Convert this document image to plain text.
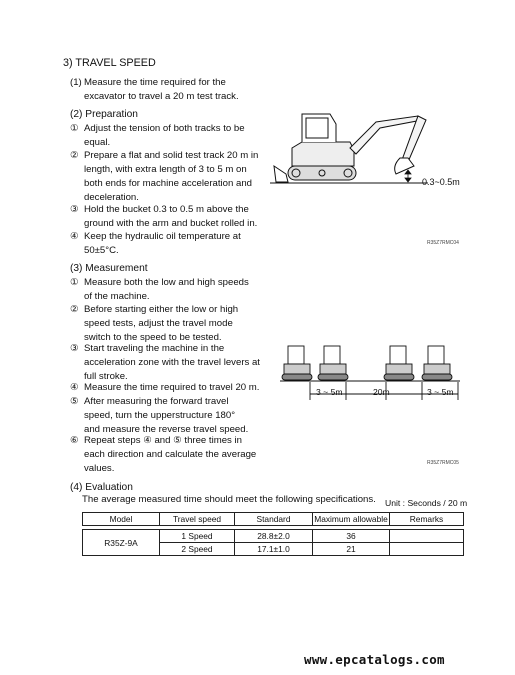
3) TRAVEL SPEED
(1) Measure the time required for the
excavator to travel a 20 m test track.
(2) Preparation
① Adjust the tension of both tracks to be
equal.
② Prepare a flat and solid test track 20 m in
length, with extra length of 3 to 5 m on
both ends for machine acceleration and
deceleration.
③ Hold the bucket 0.3 to 0.5 m above the
ground with the arm and bucket rolled in.
④ Keep the hydraulic oil temperature at
50±5°C.
(3) Measurement
① Measure both the low and high speeds
of the machine.
② Before starting either the low or high
speed tests, adjust the travel mode
switch to the speed to be tested.
③ Start traveling the machine in the
acceleration zone with the travel levers at
full stroke.
④ Measure the time required to travel 20 m.
⑤ After measuring the forward travel
speed, turn the upperstructure 180°
and measure the reverse travel speed.
⑥ Repeat steps ④ and ⑤ three times in
each direction and calculate the average
values.
(4) Evaluation
The average measured time should meet the following specifications. Unit : Seconds / 20 m
Model	Travel speed	Standard	Maximum allowable	Remarks

R35Z-9A	1 Speed	28.8±2.0	36	
	2 Speed	17.1±1.0	21	
0.3~0.5m
R35Z7RMC04
3 ~ 5m	20m	3 ~ 5m
R35Z7RMC05
www.epcatalogs.com
